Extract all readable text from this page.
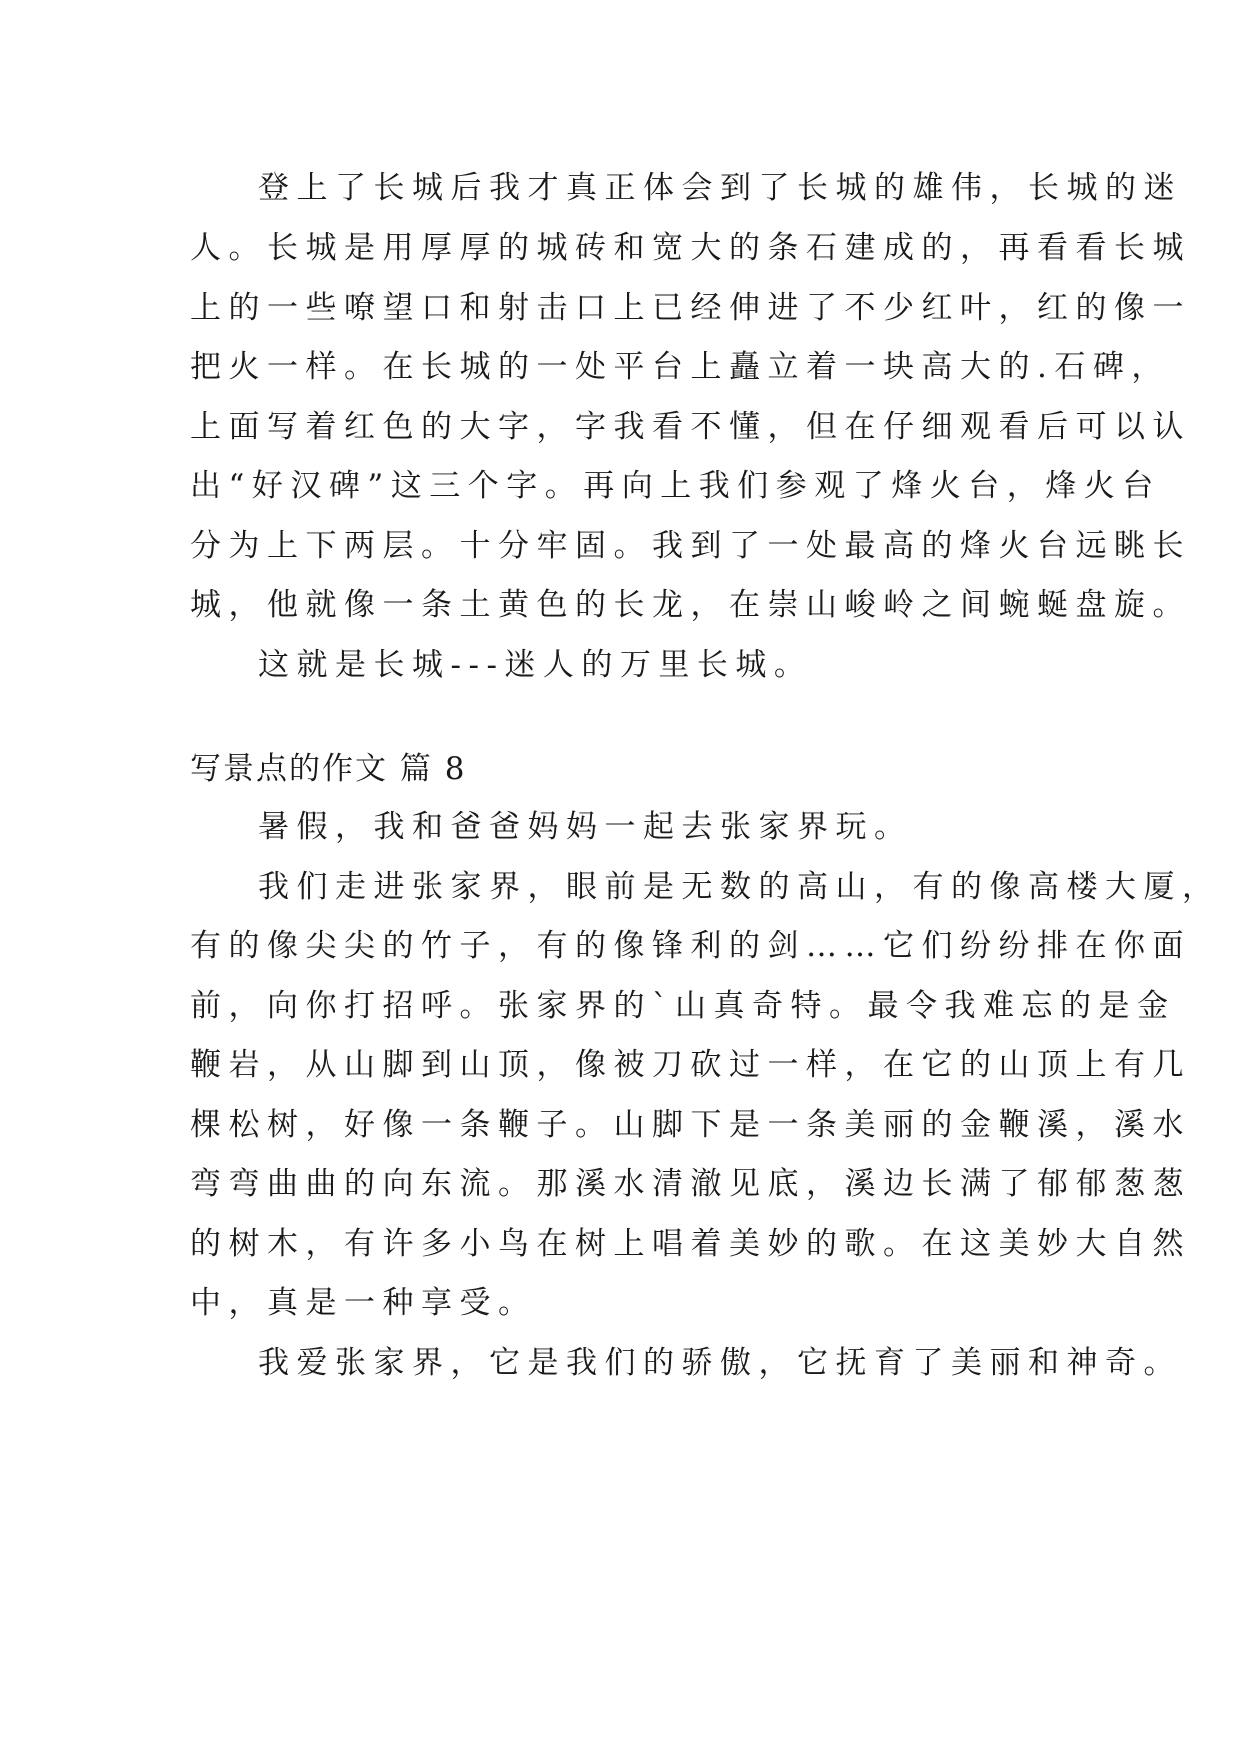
登上了长城后我才真正体会到了长城的雄伟，长城的迷
人。长城是用厚厚的城砖和宽大的条石建成的，再看看长城
上的一些嘹望口和射击口上已经伸进了不少红叶，红的像一
把火一样。在长城的一处平台上矗立着一块高大的.石碑，
上面写着红色的大字，字我看不懂，但在仔细观看后可以认
出“好汉碑”这三个字。再向上我们参观了烽火台，烽火台
分为上下两层。十分牢固。我到了一处最高的烽火台远眺长
城，他就像一条土黄色的长龙，在崇山峻岭之间蜿蜒盘旋。
这就是长城---迷人的万里长城。
写景点的作文 篇 8
暑假，我和爸爸妈妈一起去张家界玩。
我们走进张家界，眼前是无数的高山，有的像高楼大厦，
有的像尖尖的竹子，有的像锋利的剑……它们纷纷排在你面
前，向你打招呼。张家界的`山真奇特。最令我难忘的是金
鞭岩，从山脚到山顶，像被刀砍过一样，在它的山顶上有几
棵松树，好像一条鞭子。山脚下是一条美丽的金鞭溪，溪水
弯弯曲曲的向东流。那溪水清澈见底，溪边长满了郁郁葱葱
的树木，有许多小鸟在树上唱着美妙的歌。在这美妙大自然
中，真是一种享受。
我爱张家界，它是我们的骄傲，它抚育了美丽和神奇。
